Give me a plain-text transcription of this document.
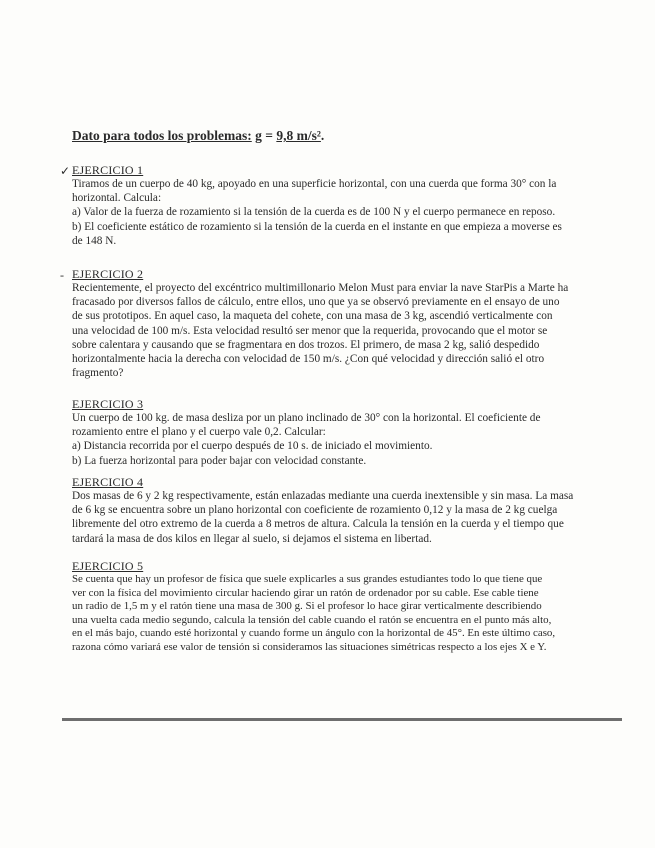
Dato para todos los problemas: g = 9,8 m/s².
✓ EJERCICIO 1
Tiramos de un cuerpo de 40 kg, apoyado en una superficie horizontal, con una cuerda que forma 30° con la
horizontal. Calcula:
a) Valor de la fuerza de rozamiento si la tensión de la cuerda es de 100 N y el cuerpo permanece en reposo.
b) El coeficiente estático de rozamiento si la tensión de la cuerda en el instante en que empieza a moverse es
de 148 N.
- EJERCICIO 2
Recientemente, el proyecto del excéntrico multimillonario Melon Must para enviar la nave StarPis a Marte ha
fracasado por diversos fallos de cálculo, entre ellos, uno que ya se observó previamente en el ensayo de uno
de sus prototipos. En aquel caso, la maqueta del cohete, con una masa de 3 kg, ascendió verticalmente con
una velocidad de 100 m/s. Esta velocidad resultó ser menor que la requerida, provocando que el motor se
sobre calentara y causando que se fragmentara en dos trozos. El primero, de masa 2 kg, salió despedido
horizontalmente hacia la derecha con velocidad de 150 m/s. ¿Con qué velocidad y dirección salió el otro
fragmento?
EJERCICIO 3
Un cuerpo de 100 kg. de masa desliza por un plano inclinado de 30° con la horizontal. El coeficiente de
rozamiento entre el plano y el cuerpo vale 0,2. Calcular:
a) Distancia recorrida por el cuerpo después de 10 s. de iniciado el movimiento.
b) La fuerza horizontal para poder bajar con velocidad constante.
EJERCICIO 4
Dos masas de 6 y 2 kg respectivamente, están enlazadas mediante una cuerda inextensible y sin masa. La masa
de 6 kg se encuentra sobre un plano horizontal con coeficiente de rozamiento 0,12 y la masa de 2 kg cuelga
libremente del otro extremo de la cuerda a 8 metros de altura. Calcula la tensión en la cuerda y el tiempo que
tardará la masa de dos kilos en llegar al suelo, si dejamos el sistema en libertad.
EJERCICIO 5
Se cuenta que hay un profesor de física que suele explicarles a sus grandes estudiantes todo lo que tiene que
ver con la física del movimiento circular haciendo girar un ratón de ordenador por su cable. Ese cable tiene
un radio de 1,5 m y el ratón tiene una masa de 300 g. Si el profesor lo hace girar verticalmente describiendo
una vuelta cada medio segundo, calcula la tensión del cable cuando el ratón se encuentra en el punto más alto,
en el más bajo, cuando esté horizontal y cuando forme un ángulo con la horizontal de 45°. En este último caso,
razona cómo variará ese valor de tensión si consideramos las situaciones simétricas respecto a los ejes X e Y.
